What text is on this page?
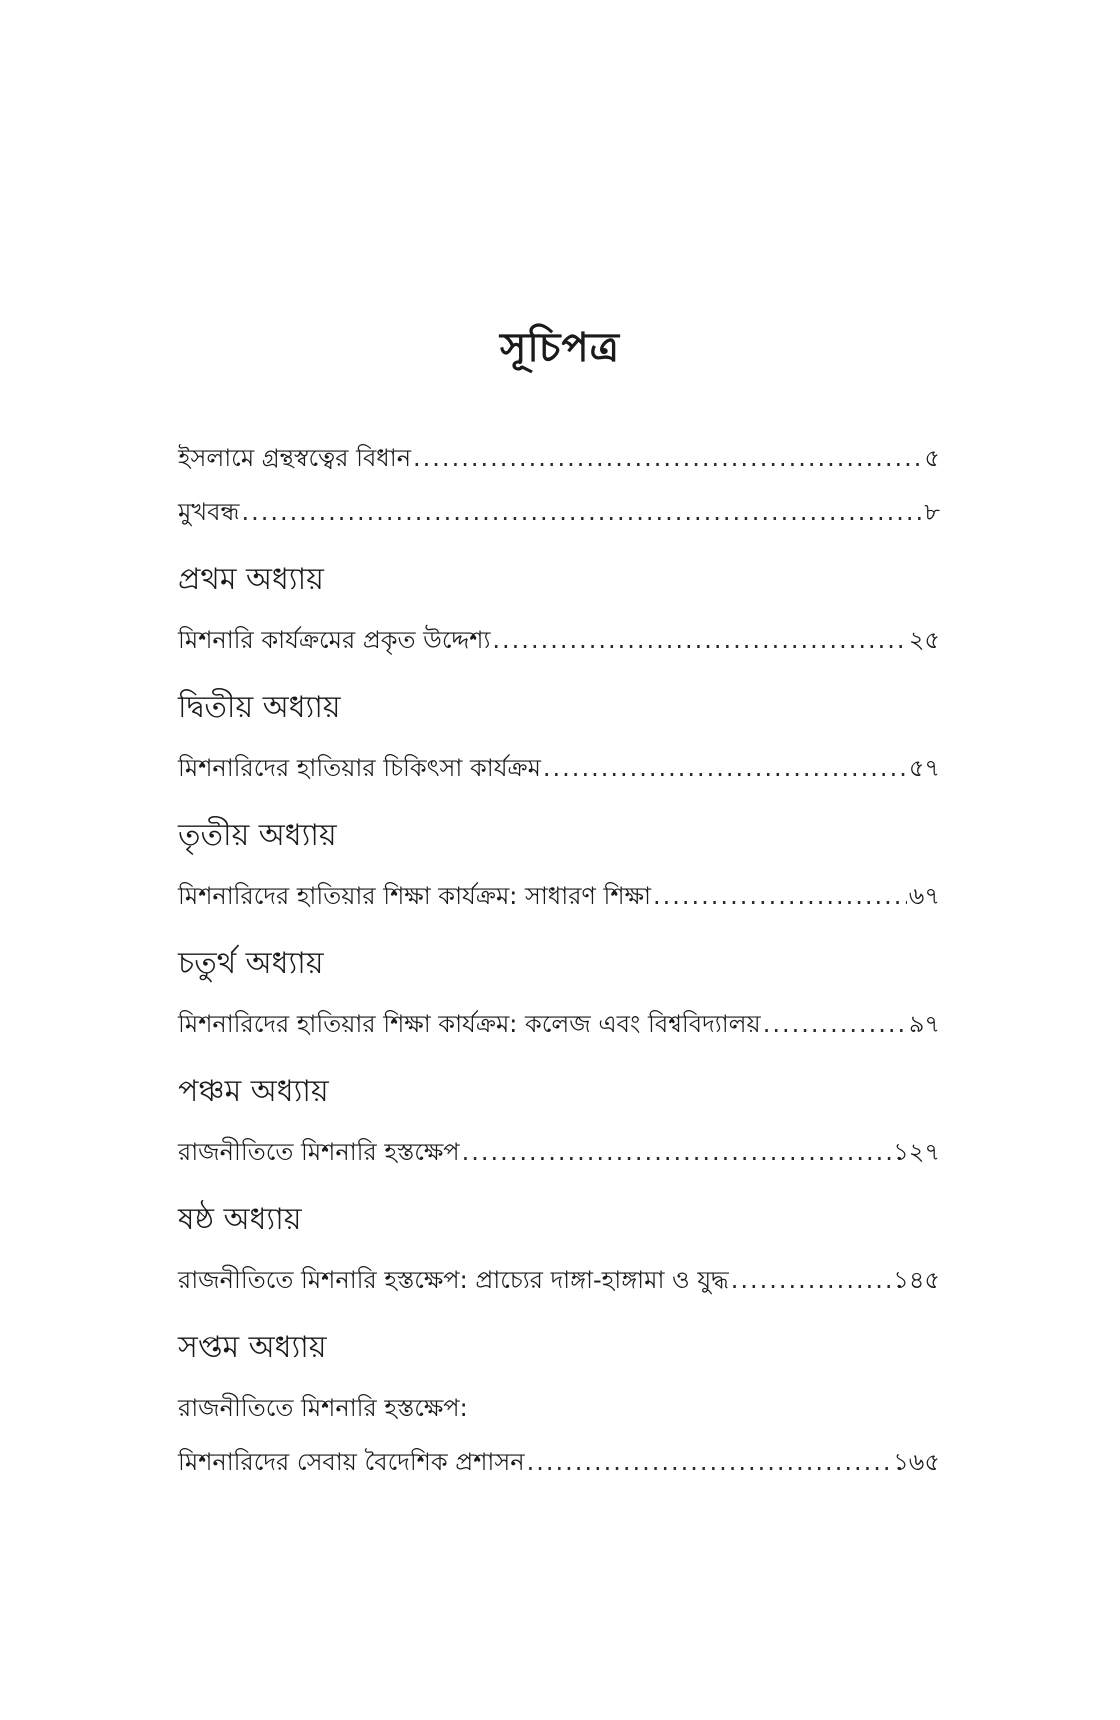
সূচিপত্র
ইসলামে গ্রন্থস্বত্বের বিধান .....	৫
মুখবন্ধ .....	৮
প্রথম অধ্যায়
মিশনারি কার্যক্রমের প্রকৃত উদ্দেশ্য .....	২৫
দ্বিতীয় অধ্যায়
মিশনারিদের হাতিয়ার চিকিৎসা কার্যক্রম .....	৫৭
তৃতীয় অধ্যায়
মিশনারিদের হাতিয়ার শিক্ষা কার্যক্রম: সাধারণ শিক্ষা .....	৬৭
চতুর্থ অধ্যায়
মিশনারিদের হাতিয়ার শিক্ষা কার্যক্রম: কলেজ এবং বিশ্ববিদ্যালয় .....	৯৭
পঞ্চম অধ্যায়
রাজনীতিতে মিশনারি হস্তক্ষেপ .....	১২৭
ষষ্ঠ অধ্যায়
রাজনীতিতে মিশনারি হস্তক্ষেপ: প্রাচ্যের দাঙ্গা-হাঙ্গামা ও যুদ্ধ .....	১৪৫
সপ্তম অধ্যায়
রাজনীতিতে মিশনারি হস্তক্ষেপ:
মিশনারিদের সেবায় বৈদেশিক প্রশাসন .....	১৬৫
